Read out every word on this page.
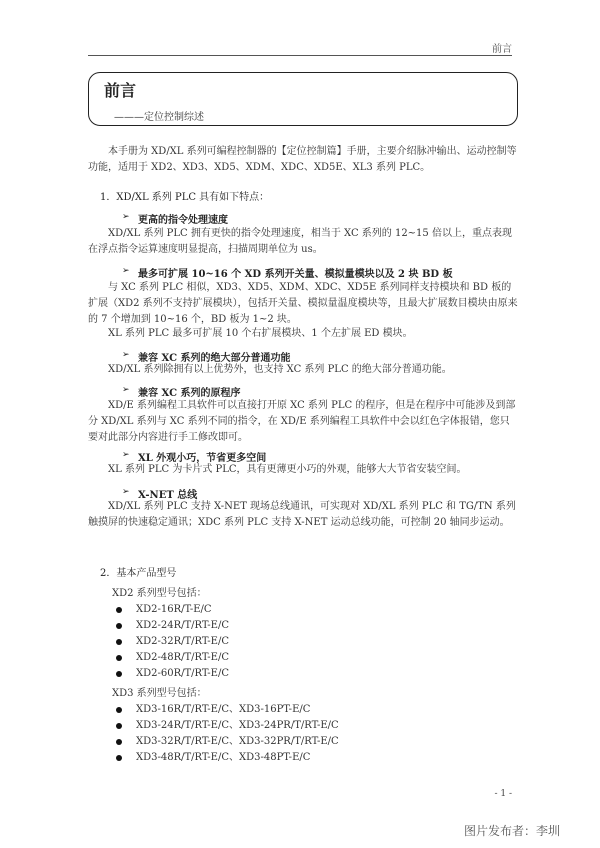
前言
前言
———定位控制综述
本手册为 XD/XL 系列可编程控制器的【定位控制篇】手册，主要介绍脉冲输出、运动控制等功能，适用于 XD2、XD3、XD5、XDM、XDC、XD5E、XL3 系列 PLC。
1．XD/XL 系列 PLC 具有如下特点：
➢ 更高的指令处理速度
XD/XL 系列 PLC 拥有更快的指令处理速度，相当于 XC 系列的 12~15 倍以上，重点表现在浮点指令运算速度明显提高，扫描周期单位为 us。
➢ 最多可扩展 10~16 个 XD 系列开关量、模拟量模块以及 2 块 BD 板
与 XC 系列 PLC 相似，XD3、XD5、XDM、XDC、XD5E 系列同样支持模块和 BD 板的扩展（XD2 系列不支持扩展模块），包括开关量、模拟量温度模块等，且最大扩展数目模块由原来的 7 个增加到 10~16 个，BD 板为 1~2 块。
XL 系列 PLC 最多可扩展 10 个右扩展模块、1 个左扩展 ED 模块。
➢ 兼容 XC 系列的绝大部分普通功能
XD/XL 系列除拥有以上优势外，也支持 XC 系列 PLC 的绝大部分普通功能。
➢ 兼容 XC 系列的原程序
XD/E 系列编程工具软件可以直接打开原 XC 系列 PLC 的程序，但是在程序中可能涉及到部分 XD/XL 系列与 XC 系列不同的指令，在 XD/E 系列编程工具软件中会以红色字体报错，您只要对此部分内容进行手工修改即可。
➢ XL 外观小巧，节省更多空间
XL 系列 PLC 为卡片式 PLC，具有更薄更小巧的外观，能够大大节省安装空间。
➢ X-NET 总线
XD/XL 系列 PLC 支持 X-NET 现场总线通讯，可实现对 XD/XL 系列 PLC 和 TG/TN 系列触摸屏的快速稳定通讯；XDC 系列 PLC 支持 X-NET 运动总线功能，可控制 20 轴同步运动。
2．基本产品型号
XD2 系列型号包括：
XD2-16R/T-E/C
XD2-24R/T/RT-E/C
XD2-32R/T/RT-E/C
XD2-48R/T/RT-E/C
XD2-60R/T/RT-E/C
XD3 系列型号包括：
XD3-16R/T/RT-E/C、XD3-16PT-E/C
XD3-24R/T/RT-E/C、XD3-24PR/T/RT-E/C
XD3-32R/T/RT-E/C、XD3-32PR/T/RT-E/C
XD3-48R/T/RT-E/C、XD3-48PT-E/C
- 1 -
图片发布者：李圳
